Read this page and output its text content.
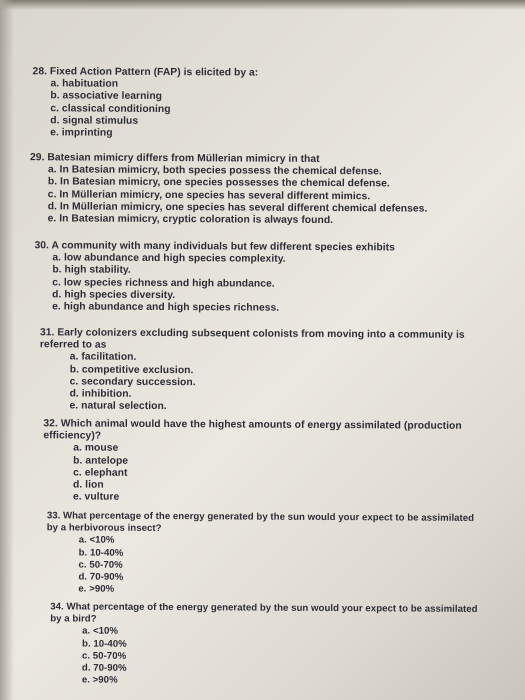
28. Fixed Action Pattern (FAP) is elicited by a:
a. habituation
b. associative learning
c. classical conditioning
d. signal stimulus
e. imprinting
29. Batesian mimicry differs from Müllerian mimicry in that
a. In Batesian mimicry, both species possess the chemical defense.
b. In Batesian mimicry, one species possesses the chemical defense.
c. In Müllerian mimicry, one species has several different mimics.
d. In Müllerian mimicry, one species has several different chemical defenses.
e. In Batesian mimicry, cryptic coloration is always found.
30. A community with many individuals but few different species exhibits
a. low abundance and high species complexity.
b. high stability.
c. low species richness and high abundance.
d. high species diversity.
e. high abundance and high species richness.
31. Early colonizers excluding subsequent colonists from moving into a community is referred to as
a. facilitation.
b. competitive exclusion.
c. secondary succession.
d. inhibition.
e. natural selection.
32. Which animal would have the highest amounts of energy assimilated (production efficiency)?
a. mouse
b. antelope
c. elephant
d. lion
e. vulture
33. What percentage of the energy generated by the sun would your expect to be assimilated by a herbivorous insect?
a. <10%
b. 10-40%
c. 50-70%
d. 70-90%
e. >90%
34. What percentage of the energy generated by the sun would your expect to be assimilated by a bird?
a. <10%
b. 10-40%
c. 50-70%
d. 70-90%
e. >90%
